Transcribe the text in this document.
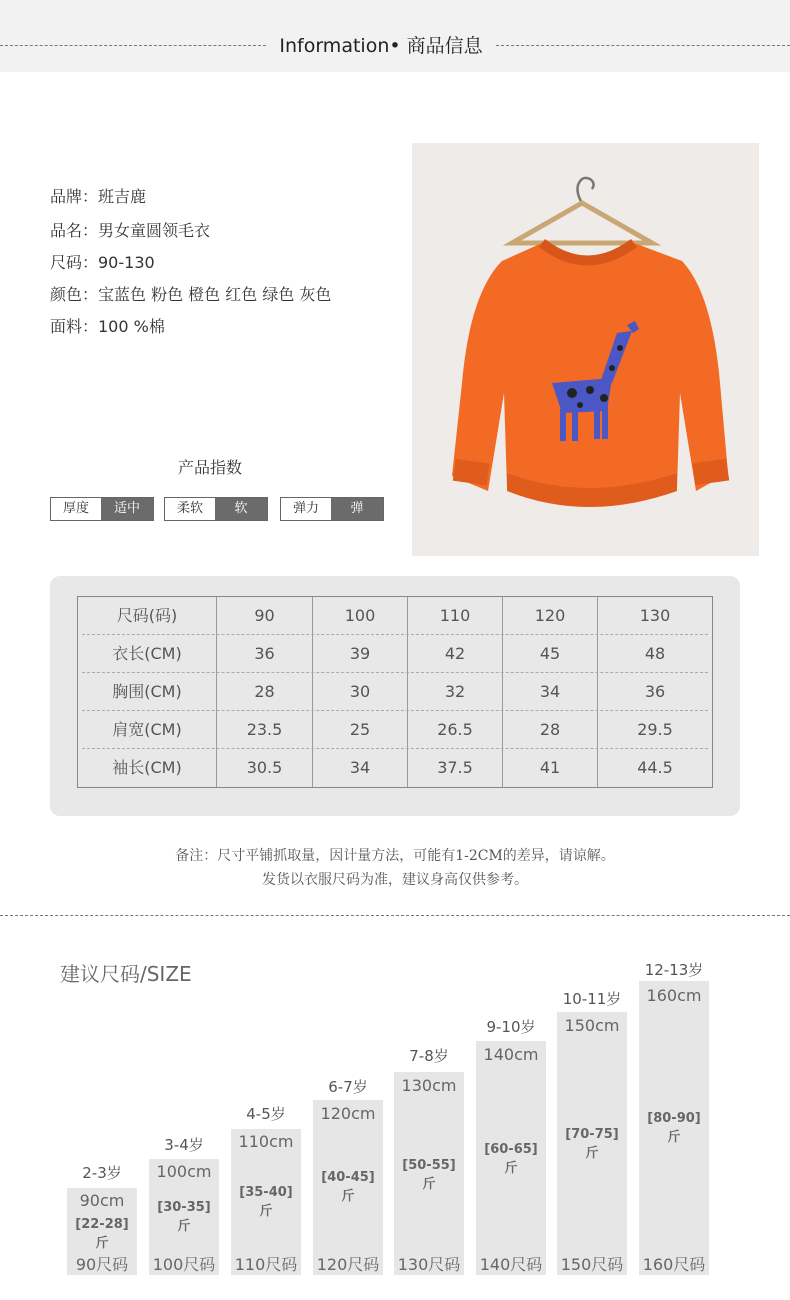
Information• 商品信息
品牌：班吉鹿
品名：男女童圆领毛衣
尺码：90-130
颜色：宝蓝色 粉色 橙色 红色 绿色 灰色
面料：100 %棉
产品指数
厚度	适中	柔软	软	弹力	弹
尺码(码)	90	100	110	120	130
衣长(CM)	36	39	42	45	48
胸围(CM)	28	30	32	34	36
肩宽(CM)	23.5	25	26.5	28	29.5
袖长(CM)	30.5	34	37.5	41	44.5
备注：尺寸平铺抓取量，因计量方法，可能有1-2CM的差异，请谅解。
发货以衣服尺码为准，建议身高仅供参考。
建议尺码/SIZE
2-3岁
90cm
[22-28]
斤
90尺码
3-4岁
100cm
[30-35]
斤
100尺码
4-5岁
110cm
[35-40]
斤
110尺码
6-7岁
120cm
[40-45]
斤
120尺码
7-8岁
130cm
[50-55]
斤
130尺码
9-10岁
140cm
[60-65]
斤
140尺码
10-11岁
150cm
[70-75]
斤
150尺码
12-13岁
160cm
[80-90]
斤
160尺码
